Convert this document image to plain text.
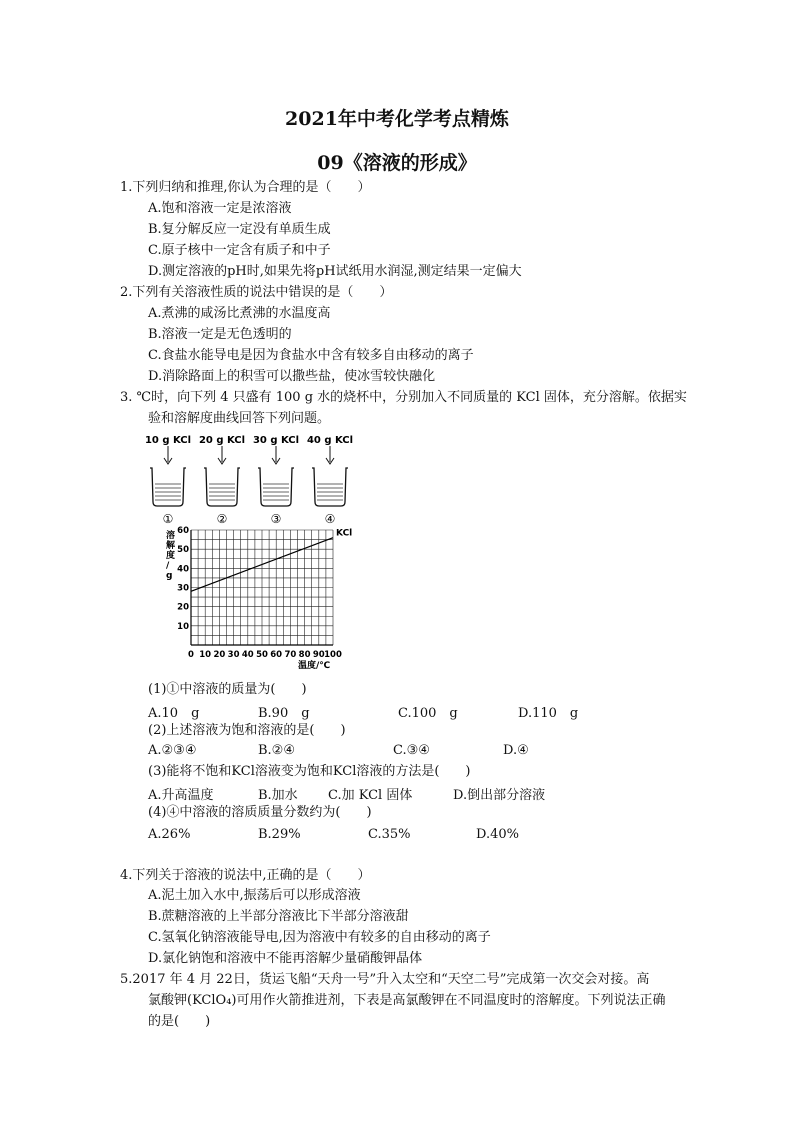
2021年中考化学考点精炼
09《溶液的形成》
1.下列归纳和推理,你认为合理的是（　　）
A.饱和溶液一定是浓溶液
B.复分解反应一定没有单质生成
C.原子核中一定含有质子和中子
D.测定溶液的pH时,如果先将pH试纸用水润湿,测定结果一定偏大
2.下列有关溶液性质的说法中错误的是（　　）
A.煮沸的咸汤比煮沸的水温度高
B.溶液一定是无色透明的
C.食盐水能导电是因为食盐水中含有较多自由移动的离子
D.消除路面上的积雪可以撒些盐，使冰雪较快融化
3. ℃时，向下列 4 只盛有 100 g 水的烧杯中，分别加入不同质量的 KCl 固体，充分溶解。依据实
验和溶解度曲线回答下列问题。
10 g KCl
①
20 g KCl
②
30 g KCl
③
40 g KCl
④
0 10 20 30 40 50 60 70 80 90 100
10
20
30
40
50
60	KCl
溶解度/ g
温度/℃
(1)①中溶液的质量为(　　)
A.10　g	B.90　g	C.100　g	D.110　g
(2)上述溶液为饱和溶液的是(　　)
A.②③④	B.②④	C.③④	D.④
(3)能将不饱和KCl溶液变为饱和KCl溶液的方法是(　　)
A.升高温度	B.加水 C.加 KCl 固体	D.倒出部分溶液
(4)④中溶液的溶质质量分数约为(　　)
A.26%	B.29%	C.35%	D.40%
4.下列关于溶液的说法中,正确的是（　　）
A.泥土加入水中,振荡后可以形成溶液
B.蔗糖溶液的上半部分溶液比下半部分溶液甜
C.氢氧化钠溶液能导电,因为溶液中有较多的自由移动的离子
D.氯化钠饱和溶液中不能再溶解少量硝酸钾晶体
5.2017 年 4 月 22日，货运飞船“天舟一号”升入太空和“天空二号”完成第一次交会对接。高
氯酸钾(KClO₄)可用作火箭推进剂，下表是高氯酸钾在不同温度时的溶解度。下列说法正确
的是(　　)
